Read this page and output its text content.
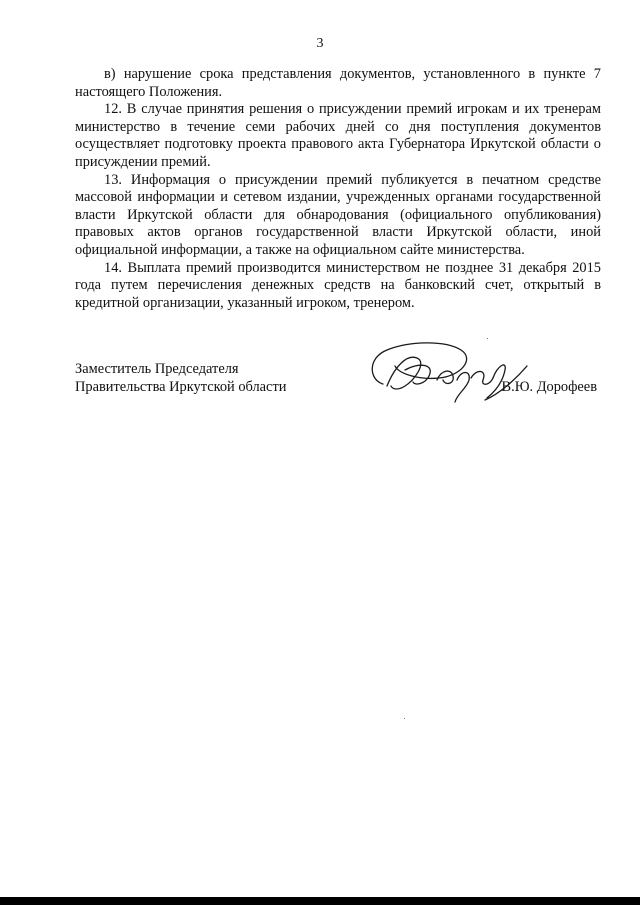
3

в) нарушение срока представления документов, установленного в пункте 7 настоящего Положения.

12. В случае принятия решения о присуждении премий игрокам и их тренерам министерство в течение семи рабочих дней со дня поступления документов осуществляет подготовку проекта правового акта Губернатора Иркутской области о присуждении премий.

13. Информация о присуждении премий публикуется в печатном средстве массовой информации и сетевом издании, учрежденных органами государственной власти Иркутской области для обнародования (официального опубликования) правовых актов органов государственной власти Иркутской области, иной официальной информации, а также на официальном сайте министерства.

14. Выплата премий производится министерством не позднее 31 декабря 2015 года путем перечисления денежных средств на банковский счет, открытый в кредитной организации, указанный игроком, тренером.

Заместитель Председателя
Правительства Иркутской области	В.Ю. Дорофеев
